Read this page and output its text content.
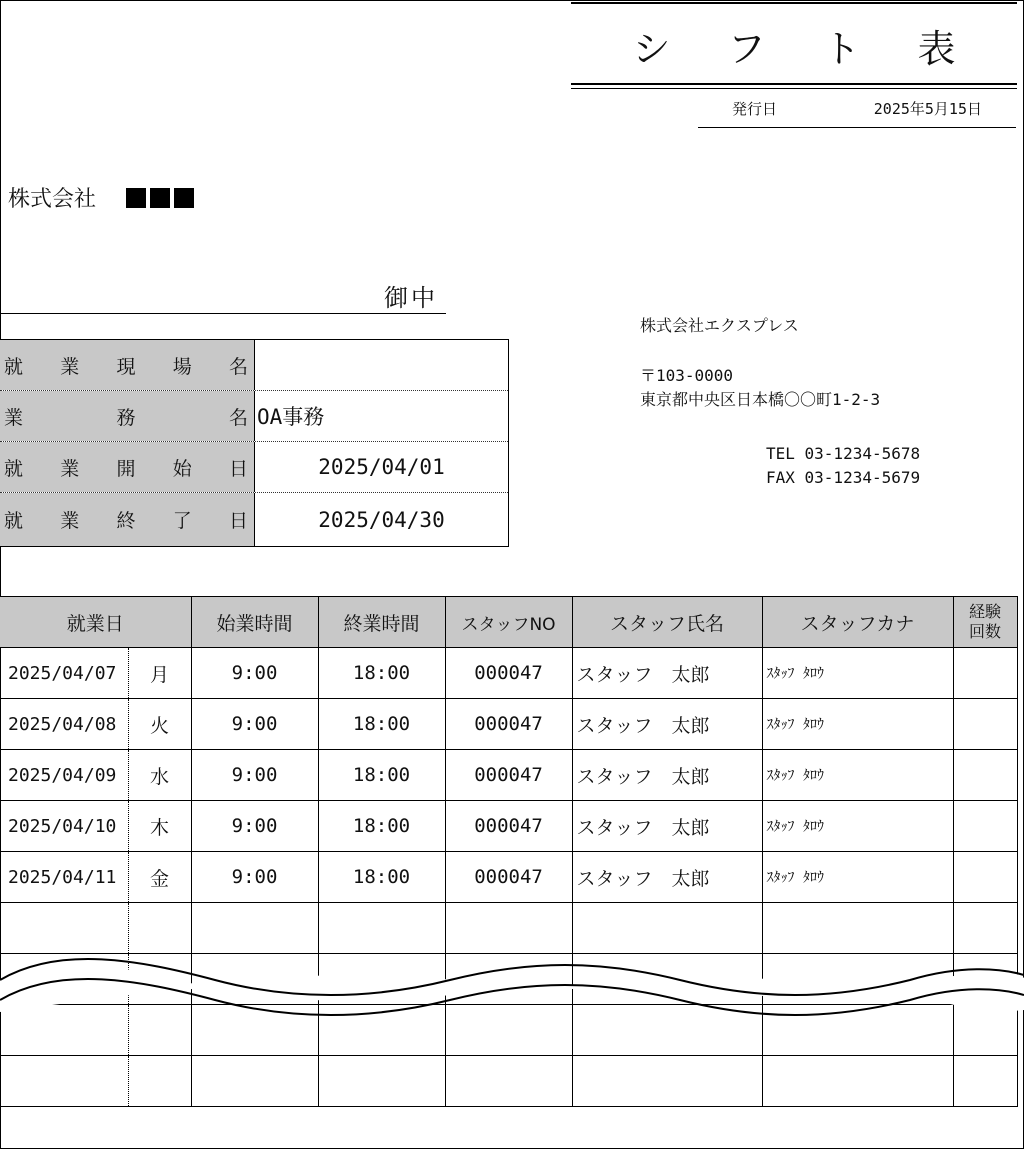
シ	フ	ト	表
発行日	2025年5月15日
株式会社
御中
就 業 現 場 名
業	務	名 OA事務
就 業 開 始 日	2025/04/01
就 業 終 了 日	2025/04/30
株式会社エクスプレス
〒103-0000
東京都中央区日本橋〇〇町1-2-3
TEL 03-1234-5678
FAX 03-1234-5679
就業日		始業時間	終業時間	スタッフNO	スタッフ氏名	スタッフカナ	経験
回数
2025/04/07	月	9:00	18:00	000047	スタッフ　太郎	ｽﾀｯﾌ ﾀﾛｳ	
2025/04/08	火	9:00	18:00	000047	スタッフ　太郎	ｽﾀｯﾌ ﾀﾛｳ	
2025/04/09	水	9:00	18:00	000047	スタッフ　太郎	ｽﾀｯﾌ ﾀﾛｳ	
2025/04/10	木	9:00	18:00	000047	スタッフ　太郎	ｽﾀｯﾌ ﾀﾛｳ	
2025/04/11	金	9:00	18:00	000047	スタッフ　太郎	ｽﾀｯﾌ ﾀﾛｳ	
